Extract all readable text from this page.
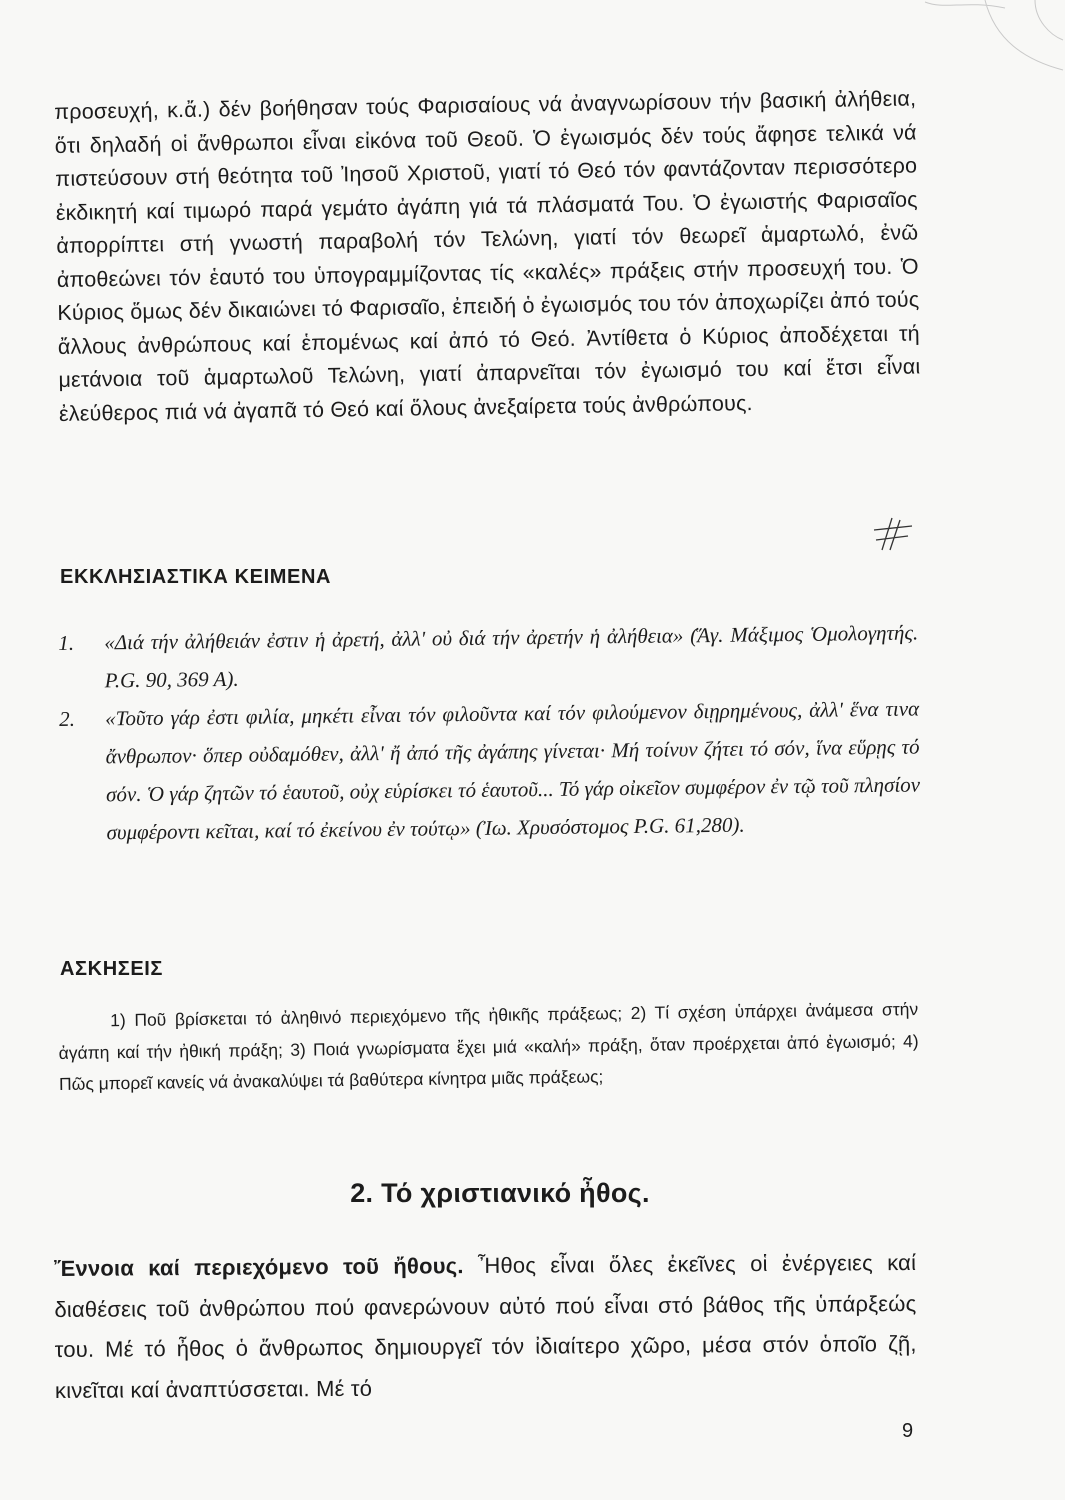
προσευχή, κ.ἄ.) δέν βοήθησαν τούς Φαρισαίους νά ἀναγνωρίσουν τήν βασική ἀλήθεια, ὅτι δηλαδή οἱ ἄνθρωποι εἶναι εἰκόνα τοῦ Θεοῦ. Ὁ ἐγωισμός δέν τούς ἄφησε τελικά νά πιστεύσουν στή θεότητα τοῦ Ἰησοῦ Χριστοῦ, γιατί τό Θεό τόν φαντάζονταν περισσότερο ἐκδικητή καί τιμωρό παρά γεμάτο ἀγάπη γιά τά πλάσματά Του. Ὁ ἐγωιστής Φαρισαῖος ἀπορρίπτει στή γνωστή παραβολή τόν Τελώνη, γιατί τόν θεωρεῖ ἁμαρτωλό, ἐνῶ ἀποθεώνει τόν ἑαυτό του ὑπογραμμίζοντας τίς «καλές» πράξεις στήν προσευχή του. Ὁ Κύριος ὅμως δέν δικαιώνει τό Φαρισαῖο, ἐπειδή ὁ ἐγωισμός του τόν ἀποχωρίζει ἀπό τούς ἄλλους ἀνθρώπους καί ἑπομένως καί ἀπό τό Θεό. Ἀντίθετα ὁ Κύριος ἀποδέχεται τή μετάνοια τοῦ ἁμαρτωλοῦ Τελώνη, γιατί ἀπαρνεῖται τόν ἐγωισμό του καί ἔτσι εἶναι ἐλεύθερος πιά νά ἀγαπᾶ τό Θεό καί ὅλους ἀνεξαίρετα τούς ἀνθρώπους.

ΕΚΚΛΗΣΙΑΣΤΙΚΑ ΚΕΙΜΕΝΑ
1. «Διά τήν ἀλήθειάν ἐστιν ἡ ἀρετή, ἀλλ' οὐ διά τήν ἀρετήν ἡ ἀλήθεια» (Ἅγ. Μάξιμος Ὁμολογητής. P.G. 90, 369 A).
2. «Τοῦτο γάρ ἐστι φιλία, μηκέτι εἶναι τόν φιλοῦντα καί τόν φιλούμενον διῃρημένους, ἀλλ' ἕνα τινα ἄνθρωπον· ὅπερ οὐδαμόθεν, ἀλλ' ἤ ἀπό τῆς ἀγάπης γίνεται· Μή τοίνυν ζήτει τό σόν, ἵνα εὕρῃς τό σόν. Ὁ γάρ ζητῶν τό ἑαυτοῦ, οὐχ εὑρίσκει τό ἑαυτοῦ... Τό γάρ οἰκεῖον συμφέρον ἐν τῷ τοῦ πλησίον συμφέροντι κεῖται, καί τό ἐκείνου ἐν τούτῳ» (Ἰω. Χρυσόστομος P.G. 61,280).
ΑΣΚΗΣΕΙΣ

1) Ποῦ βρίσκεται τό ἀληθινό περιεχόμενο τῆς ἠθικῆς πράξεως; 2) Τί σχέση ὑπάρχει ἀνάμεσα στήν ἀγάπη καί τήν ἠθική πράξη; 3) Ποιά γνωρίσματα ἔχει μιά «καλή» πράξη, ὅταν προέρχεται ἀπό ἐγωισμό; 4) Πῶς μπορεῖ κανείς νά ἀνακαλύψει τά βαθύτερα κίνητρα μιᾶς πράξεως;

2. Τό χριστιανικό ἦθος.

Ἔννοια καί περιεχόμενο τοῦ ἤθους. Ἦθος εἶναι ὅλες ἐκεῖνες οἱ ἐνέργειες καί διαθέσεις τοῦ ἀνθρώπου πού φανερώνουν αὐτό πού εἶναι στό βάθος τῆς ὑπάρξεώς του. Μέ τό ἦθος ὁ ἄνθρωπος δημιουργεῖ τόν ἰδιαίτερο χῶρο, μέσα στόν ὁποῖο ζῇ, κινεῖται καί ἀναπτύσσεται. Μέ τό

9
